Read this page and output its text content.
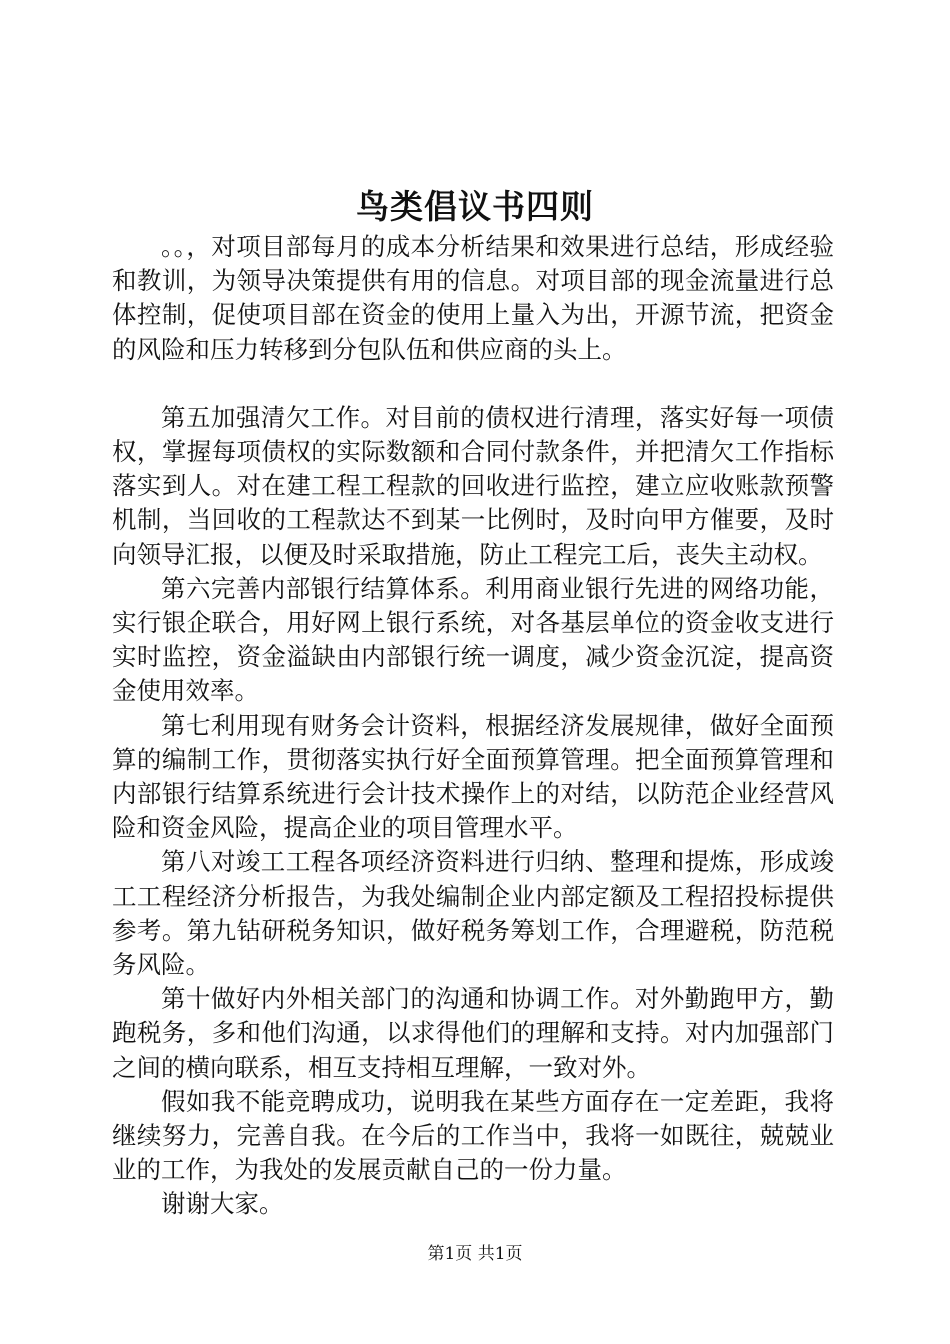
鸟类倡议书四则

。。，对项目部每月的成本分析结果和效果进行总结，形成经验和教训，为领导决策提供有用的信息。对项目部的现金流量进行总体控制，促使项目部在资金的使用上量入为出，开源节流，把资金的风险和压力转移到分包队伍和供应商的头上。

第五加强清欠工作。对目前的债权进行清理，落实好每一项债权，掌握每项债权的实际数额和合同付款条件，并把清欠工作指标落实到人。对在建工程工程款的回收进行监控，建立应收账款预警机制，当回收的工程款达不到某一比例时，及时向甲方催要，及时向领导汇报，以便及时采取措施，防止工程完工后，丧失主动权。

第六完善内部银行结算体系。利用商业银行先进的网络功能，实行银企联合，用好网上银行系统，对各基层单位的资金收支进行实时监控，资金溢缺由内部银行统一调度，减少资金沉淀，提高资金使用效率。

第七利用现有财务会计资料，根据经济发展规律，做好全面预算的编制工作，贯彻落实执行好全面预算管理。把全面预算管理和内部银行结算系统进行会计技术操作上的对结，以防范企业经营风险和资金风险，提高企业的项目管理水平。

第八对竣工工程各项经济资料进行归纳、整理和提炼，形成竣工工程经济分析报告，为我处编制企业内部定额及工程招投标提供参考。第九钻研税务知识，做好税务筹划工作，合理避税，防范税务风险。

第十做好内外相关部门的沟通和协调工作。对外勤跑甲方，勤跑税务，多和他们沟通，以求得他们的理解和支持。对内加强部门之间的横向联系，相互支持相互理解，一致对外。

假如我不能竞聘成功，说明我在某些方面存在一定差距，我将继续努力，完善自我。在今后的工作当中，我将一如既往，兢兢业业的工作，为我处的发展贡献自己的一份力量。

谢谢大家。

第1页 共1页
